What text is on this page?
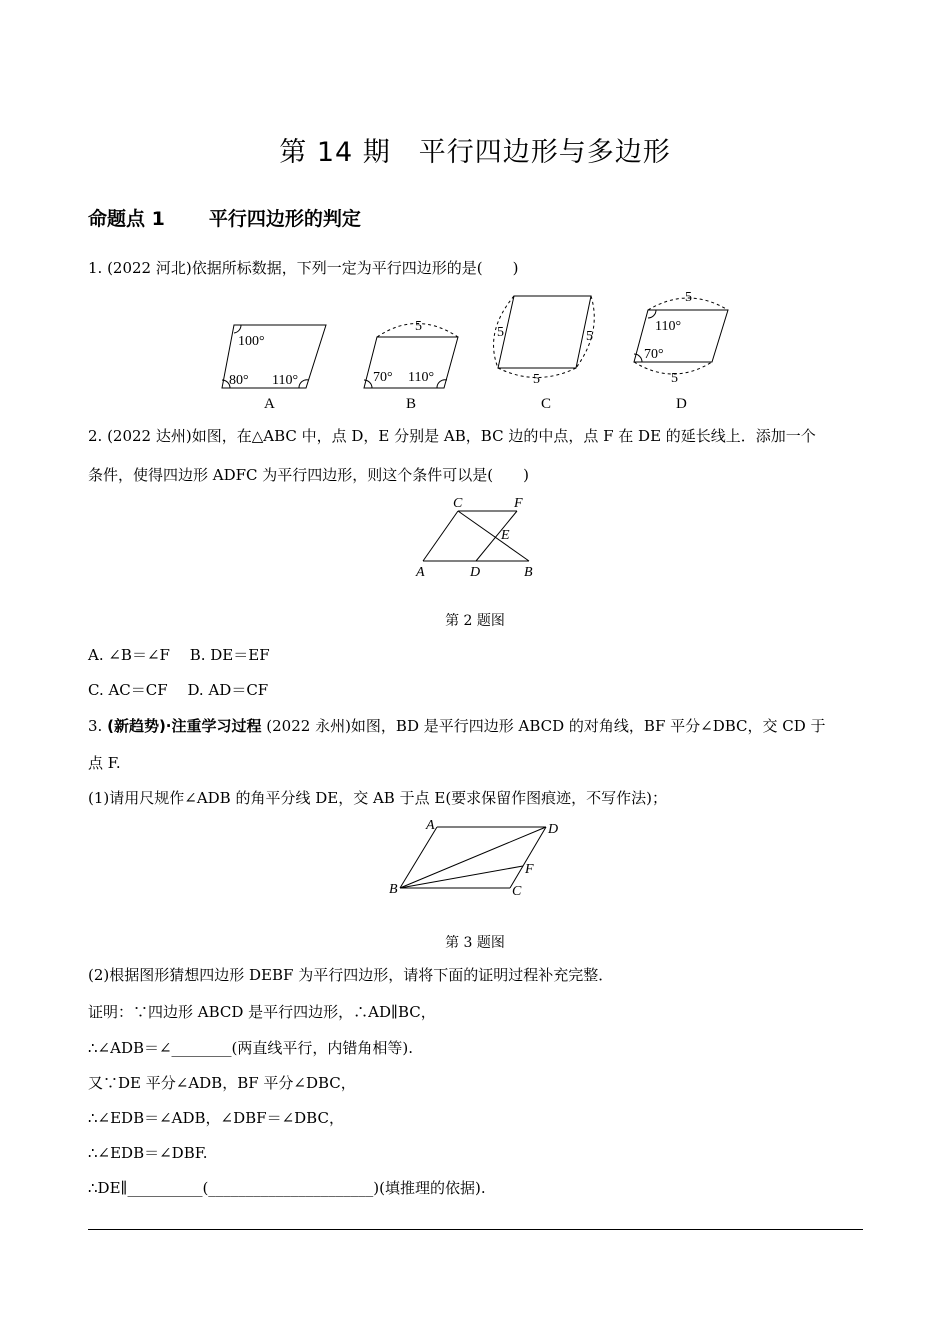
第 14 期　平行四边形与多边形
命题点 1 平行四边形的判定
1. (2022 河北)依据所标数据，下列一定为平行四边形的是(　　)
100°
80° 110°
A
5
70° 110°
B
5	5
5
C
5
110°
70°
5
D
2. (2022 达州)如图，在△ABC 中，点 D，E 分别是 AB，BC 边的中点，点 F 在 DE 的延长线上．添加一个
条件，使得四边形 ADFC 为平行四边形，则这个条件可以是(　　)
C	F
E
A	D	B
第 2 题图
A. ∠B＝∠F　 B. DE＝EF
C. AC＝CF　 D. AD＝CF
3. (新趋势)·注重学习过程 (2022 永州)如图，BD 是平行四边形 ABCD 的对角线，BF 平分∠DBC，交 CD 于
点 F.
(1)请用尺规作∠ADB 的角平分线 DE，交 AB 于点 E(要求保留作图痕迹，不写作法)；
A	D
F
B	C
第 3 题图
(2)根据图形猜想四边形 DEBF 为平行四边形，请将下面的证明过程补充完整．
证明：∵四边形 ABCD 是平行四边形，∴AD∥BC，
∴∠ADB＝∠________(两直线平行，内错角相等).
又∵DE 平分∠ADB，BF 平分∠DBC，
∴∠EDB＝∠ADB，∠DBF＝∠DBC，
∴∠EDB＝∠DBF.
∴DE∥__________(______________________)(填推理的依据).
